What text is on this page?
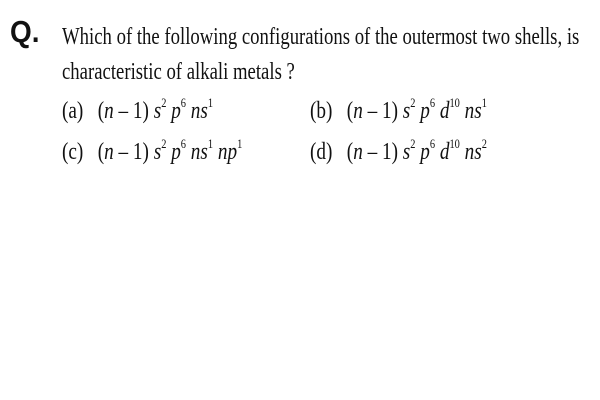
Q. Which of the following configurations of the outermost two shells, is
characteristic of alkali metals ?
(a) (n – 1) $s^2$ $p^6$ $ns^1$	(b) (n – 1) $s^2$ $p^6$ $d^{10}$ $ns^1$
(c) (n – 1) $s^2$ $p^6$ $ns^1$ $np^1$	(d) (n – 1) $s^2$ $p^6$ $d^{10}$ $ns^2$
